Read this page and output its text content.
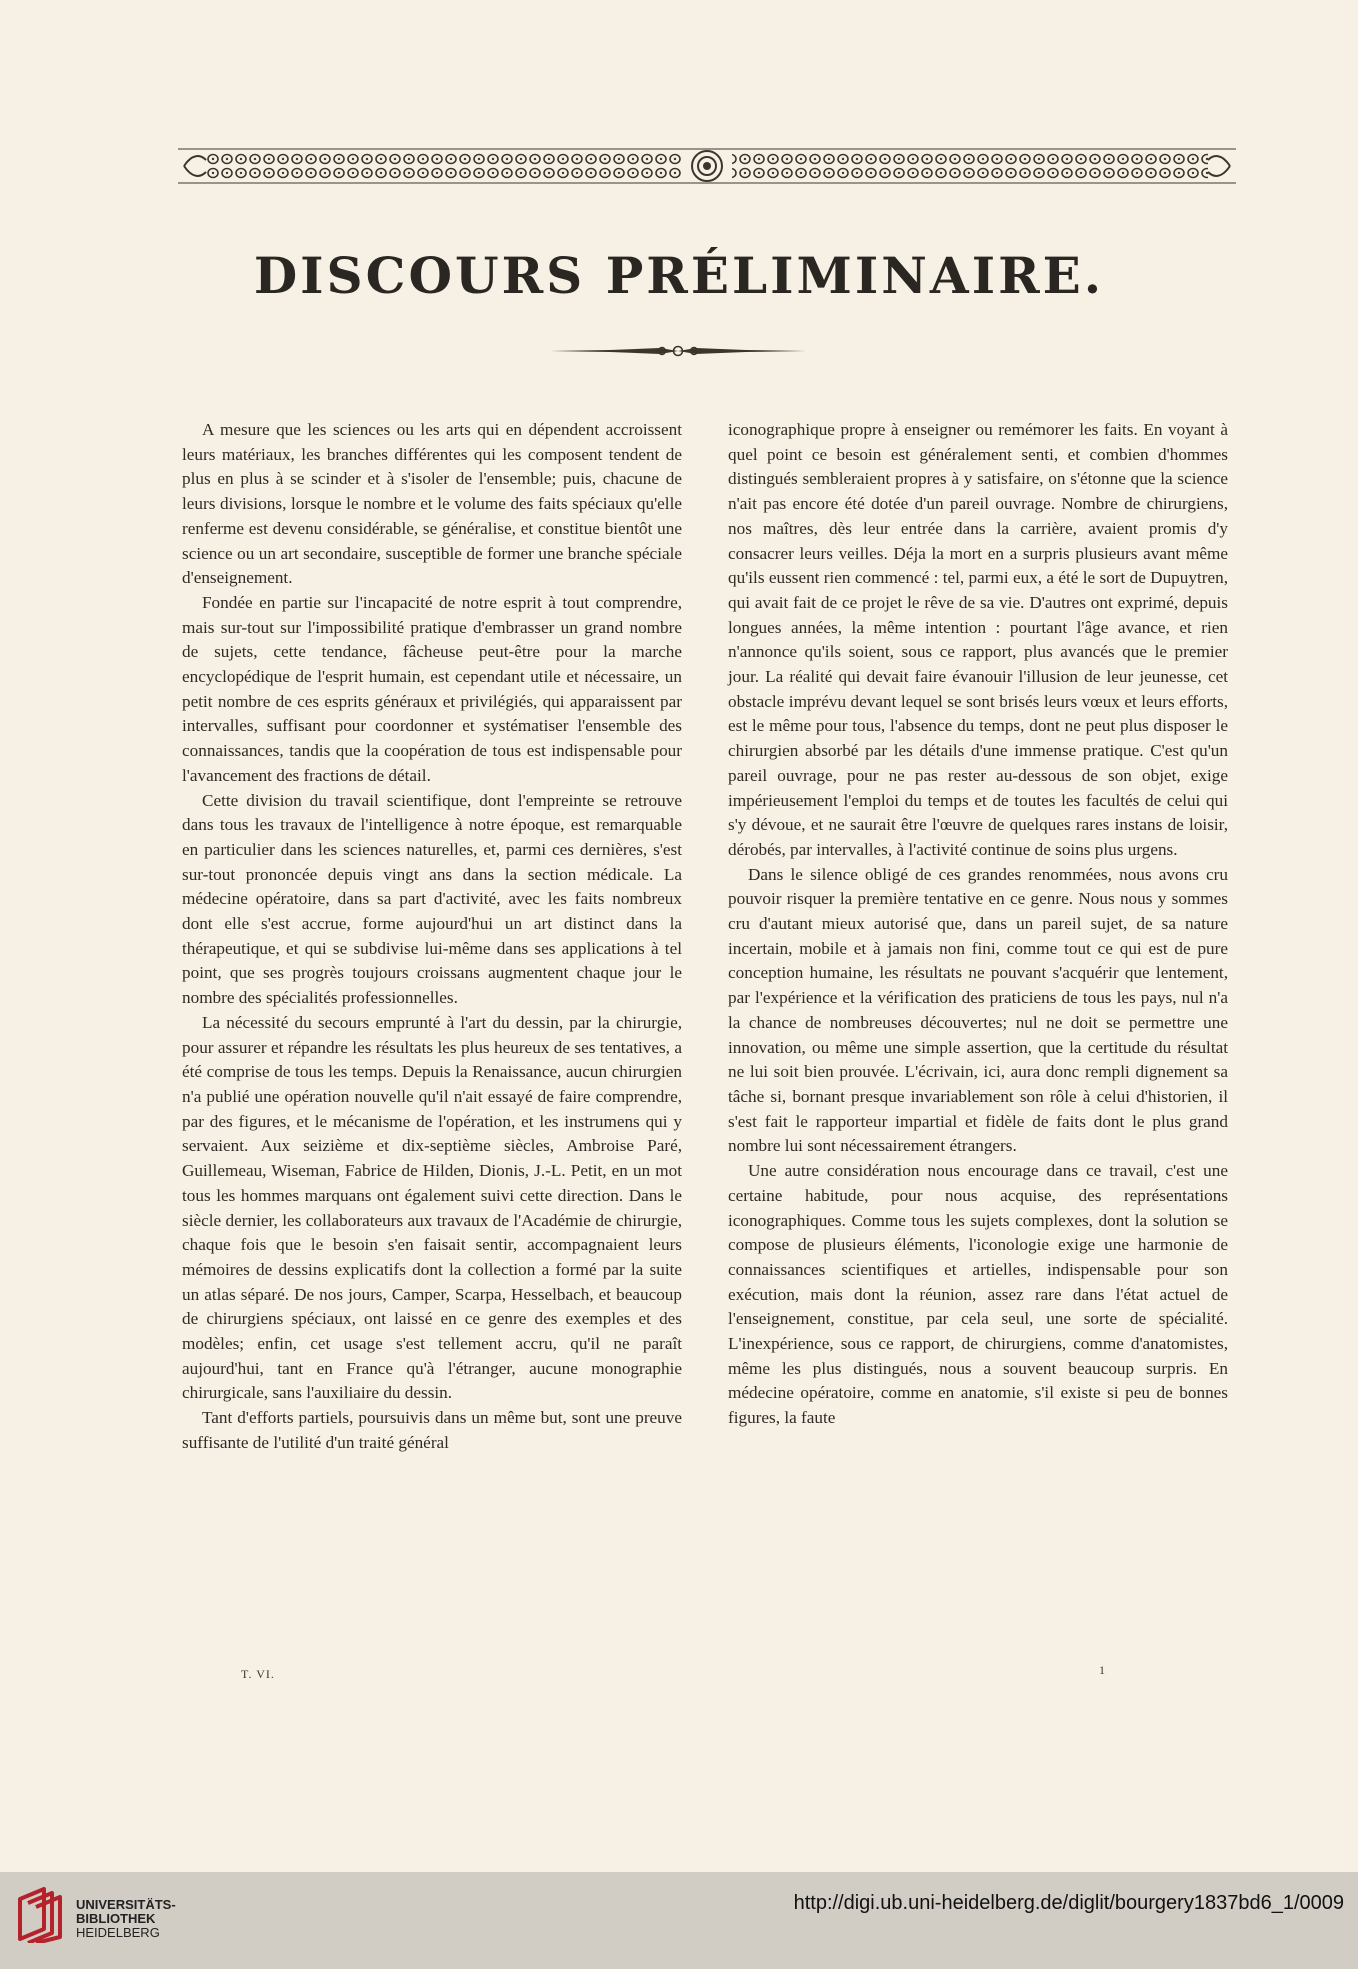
DISCOURS PRÉLIMINAIRE.

A mesure que les sciences ou les arts qui en dépendent accroissent leurs matériaux, les branches différentes qui les composent tendent de plus en plus à se scinder et à s'isoler de l'ensemble; puis, chacune de leurs divisions, lorsque le nombre et le volume des faits spéciaux qu'elle renferme est devenu considérable, se généralise, et constitue bientôt une science ou un art secondaire, susceptible de former une branche spéciale d'enseignement.

Fondée en partie sur l'incapacité de notre esprit à tout comprendre, mais sur-tout sur l'impossibilité pratique d'embrasser un grand nombre de sujets, cette tendance, fâcheuse peut-être pour la marche encyclopédique de l'esprit humain, est cependant utile et nécessaire, un petit nombre de ces esprits généraux et privilégiés, qui apparaissent par intervalles, suffisant pour coordonner et systématiser l'ensemble des connaissances, tandis que la coopération de tous est indispensable pour l'avancement des fractions de détail.

Cette division du travail scientifique, dont l'empreinte se retrouve dans tous les travaux de l'intelligence à notre époque, est remarquable en particulier dans les sciences naturelles, et, parmi ces dernières, s'est sur-tout prononcée depuis vingt ans dans la section médicale. La médecine opératoire, dans sa part d'activité, avec les faits nombreux dont elle s'est accrue, forme aujourd'hui un art distinct dans la thérapeutique, et qui se subdivise lui-même dans ses applications à tel point, que ses progrès toujours croissans augmentent chaque jour le nombre des spécialités professionnelles.

La nécessité du secours emprunté à l'art du dessin, par la chirurgie, pour assurer et répandre les résultats les plus heureux de ses tentatives, a été comprise de tous les temps. Depuis la Renaissance, aucun chirurgien n'a publié une opération nouvelle qu'il n'ait essayé de faire comprendre, par des figures, et le mécanisme de l'opération, et les instrumens qui y servaient. Aux seizième et dix-septième siècles, Ambroise Paré, Guillemeau, Wiseman, Fabrice de Hilden, Dionis, J.-L. Petit, en un mot tous les hommes marquans ont également suivi cette direction. Dans le siècle dernier, les collaborateurs aux travaux de l'Académie de chirurgie, chaque fois que le besoin s'en faisait sentir, accompagnaient leurs mémoires de dessins explicatifs dont la collection a formé par la suite un atlas séparé. De nos jours, Camper, Scarpa, Hesselbach, et beaucoup de chirurgiens spéciaux, ont laissé en ce genre des exemples et des modèles; enfin, cet usage s'est tellement accru, qu'il ne paraît aujourd'hui, tant en France qu'à l'étranger, aucune monographie chirurgicale, sans l'auxiliaire du dessin.

Tant d'efforts partiels, poursuivis dans un même but, sont une preuve suffisante de l'utilité d'un traité général

iconographique propre à enseigner ou remémorer les faits. En voyant à quel point ce besoin est généralement senti, et combien d'hommes distingués sembleraient propres à y satisfaire, on s'étonne que la science n'ait pas encore été dotée d'un pareil ouvrage. Nombre de chirurgiens, nos maîtres, dès leur entrée dans la carrière, avaient promis d'y consacrer leurs veilles. Déja la mort en a surpris plusieurs avant même qu'ils eussent rien commencé : tel, parmi eux, a été le sort de Dupuytren, qui avait fait de ce projet le rêve de sa vie. D'autres ont exprimé, depuis longues années, la même intention : pourtant l'âge avance, et rien n'annonce qu'ils soient, sous ce rapport, plus avancés que le premier jour. La réalité qui devait faire évanouir l'illusion de leur jeunesse, cet obstacle imprévu devant lequel se sont brisés leurs vœux et leurs efforts, est le même pour tous, l'absence du temps, dont ne peut plus disposer le chirurgien absorbé par les détails d'une immense pratique. C'est qu'un pareil ouvrage, pour ne pas rester au-dessous de son objet, exige impérieusement l'emploi du temps et de toutes les facultés de celui qui s'y dévoue, et ne saurait être l'œuvre de quelques rares instans de loisir, dérobés, par intervalles, à l'activité continue de soins plus urgens.

Dans le silence obligé de ces grandes renommées, nous avons cru pouvoir risquer la première tentative en ce genre. Nous nous y sommes cru d'autant mieux autorisé que, dans un pareil sujet, de sa nature incertain, mobile et à jamais non fini, comme tout ce qui est de pure conception humaine, les résultats ne pouvant s'acquérir que lentement, par l'expérience et la vérification des praticiens de tous les pays, nul n'a la chance de nombreuses découvertes; nul ne doit se permettre une innovation, ou même une simple assertion, que la certitude du résultat ne lui soit bien prouvée. L'écrivain, ici, aura donc rempli dignement sa tâche si, bornant presque invariablement son rôle à celui d'historien, il s'est fait le rapporteur impartial et fidèle de faits dont le plus grand nombre lui sont nécessairement étrangers.

Une autre considération nous encourage dans ce travail, c'est une certaine habitude, pour nous acquise, des représentations iconographiques. Comme tous les sujets complexes, dont la solution se compose de plusieurs éléments, l'iconologie exige une harmonie de connaissances scientifiques et artielles, indispensable pour son exécution, mais dont la réunion, assez rare dans l'état actuel de l'enseignement, constitue, par cela seul, une sorte de spécialité. L'inexpérience, sous ce rapport, de chirurgiens, comme d'anatomistes, même les plus distingués, nous a souvent beaucoup surpris. En médecine opératoire, comme en anatomie, s'il existe si peu de bonnes figures, la faute

T. VI.	1
UNIVERSITÄTS-
BIBLIOTHEK
HEIDELBERG
http://digi.ub.uni-heidelberg.de/diglit/bourgery1837bd6_1/0009
